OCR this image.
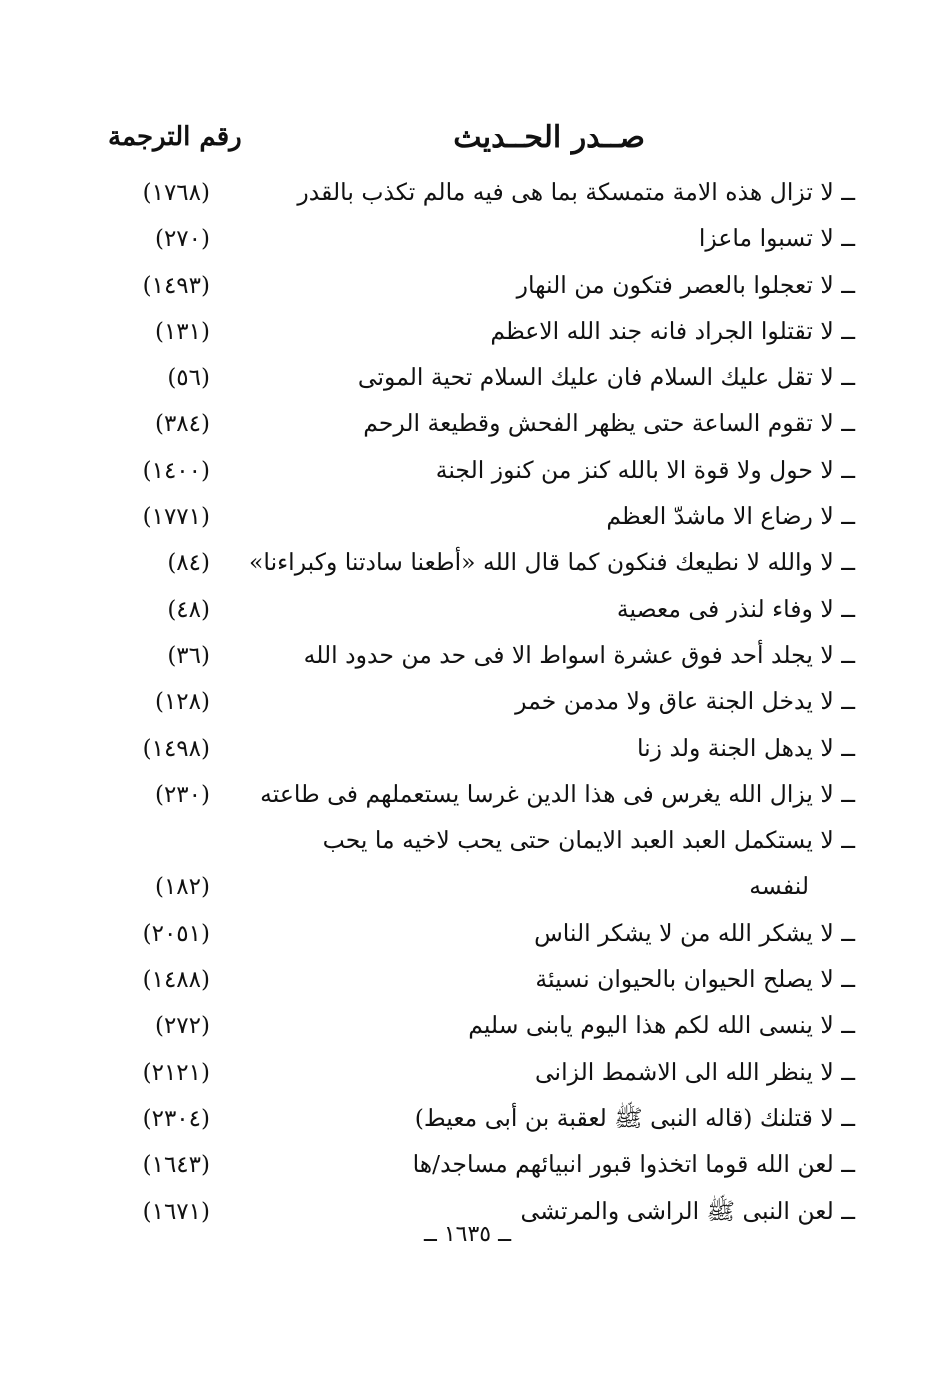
صــدر الحــديث
رقم الترجمة
ــ لا تزال هذه الامة متمسكة بما هى فيه مالم تكذب بالقدر
(١٧٦٨)
ــ لا تسبوا ماعزا
(٢٧٠)
ــ لا تعجلوا بالعصر فتكون من النهار
(١٤٩٣)
ــ لا تقتلوا الجراد فانه جند الله الاعظم
(١٣١)
ــ لا تقل عليك السلام فان عليك السلام تحية الموتى
(٥٦)
ــ لا تقوم الساعة حتى يظهر الفحش وقطيعة الرحم
(٣٨٤)
ــ لا حول ولا قوة الا بالله كنز من كنوز الجنة
(١٤٠٠)
ــ لا رضاع الا ماشدّ العظم
(١٧٧١)
ــ لا والله لا نطيعك فنكون كما قال الله «أطعنا سادتنا وكبراءنا»
(٨٤)
ــ لا وفاء لنذر فى معصية
(٤٨)
ــ لا يجلد أحد فوق عشرة اسواط الا فى حد من حدود الله
(٣٦)
ــ لا يدخل الجنة عاق ولا مدمن خمر
(١٢٨)
ــ لا يدهل الجنة ولد زنا
(١٤٩٨)
ــ لا يزال الله يغرس فى هذا الدين غرسا يستعملهم فى طاعته
(٢٣٠)
ــ لا يستكمل العبد العبد الايمان حتى يحب لاخيه ما يحب
لنفسه
(١٨٢)
ــ لا يشكر الله من لا يشكر الناس
(٢٠٥١)
ــ لا يصلح الحيوان بالحيوان نسيئة
(١٤٨٨)
ــ لا ينسى الله لكم هذا اليوم يابنى سليم
(٢٧٢)
ــ لا ينظر الله الى الاشمط الزانى
(٢١٢١)
ــ لا قتلنك (قاله النبى ﷺ لعقبة بن أبى معيط)
(٢٣٠٤)
ــ لعن الله قوما اتخذوا قبور انبيائهم مساجد/ها
(١٦٤٣)
ــ لعن النبى ﷺ الراشى والمرتشى
(١٦٧١)
ــ ١٦٣٥ ــ
